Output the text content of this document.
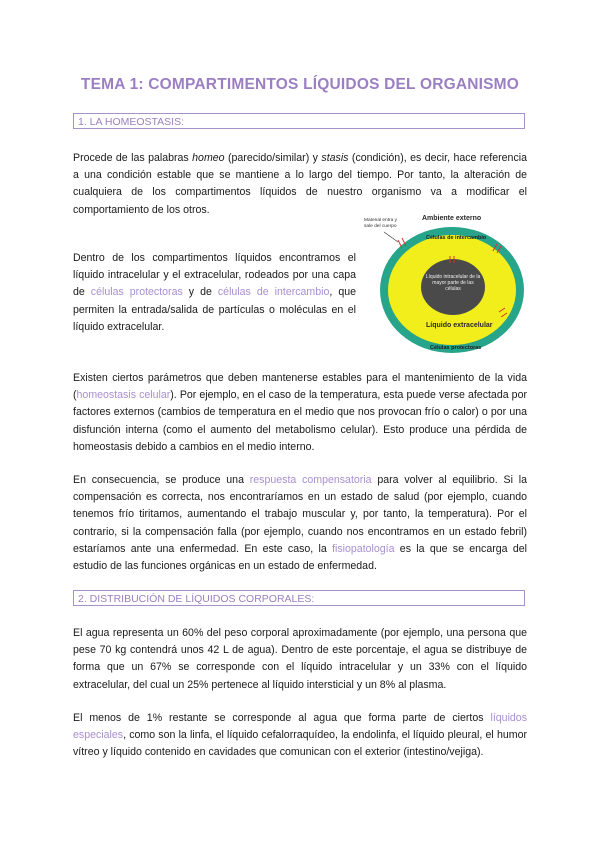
TEMA 1: COMPARTIMENTOS LÍQUIDOS DEL ORGANISMO
1. LA HOMEOSTASIS:
Procede de las palabras homeo (parecido/similar) y stasis (condición), es decir, hace referencia a una condición estable que se mantiene a lo largo del tiempo. Por tanto, la alteración de cualquiera de los compartimentos líquidos de nuestro organismo va a modificar el comportamiento de los otros.
Dentro de los compartimentos líquidos encontramos el líquido intracelular y el extracelular, rodeados por una capa de células protectoras y de células de intercambio, que permiten la entrada/salida de partículas o moléculas en el líquido extracelular.
Ambiente externo
Material entra y sale del cuerpo
Líquido intracelular de la mayor parte de las células
Líquido extracelular
Células de intercambio
Células protectoras
Existen ciertos parámetros que deben mantenerse estables para el mantenimiento de la vida (homeostasis celular). Por ejemplo, en el caso de la temperatura, esta puede verse afectada por factores externos (cambios de temperatura en el medio que nos provocan frío o calor) o por una disfunción interna (como el aumento del metabolismo celular). Esto produce una pérdida de homeostasis debido a cambios en el medio interno.
En consecuencia, se produce una respuesta compensatoria para volver al equilibrio. Si la compensación es correcta, nos encontraríamos en un estado de salud (por ejemplo, cuando tenemos frío tiritamos, aumentando el trabajo muscular y, por tanto, la temperatura). Por el contrario, si la compensación falla (por ejemplo, cuando nos encontramos en un estado febril) estaríamos ante una enfermedad. En este caso, la fisiopatología es la que se encarga del estudio de las funciones orgánicas en un estado de enfermedad.
2. DISTRIBUCIÓN DE LÍQUIDOS CORPORALES:
El agua representa un 60% del peso corporal aproximadamente (por ejemplo, una persona que pese 70 kg contendrá unos 42 L de agua). Dentro de este porcentaje, el agua se distribuye de forma que un 67% se corresponde con el líquido intracelular y un 33% con el líquido extracelular, del cual un 25% pertenece al líquido intersticial y un 8% al plasma.
El menos de 1% restante se corresponde al agua que forma parte de ciertos líquidos especiales, como son la linfa, el líquido cefalorraquídeo, la endolinfa, el líquido pleural, el humor vítreo y líquido contenido en cavidades que comunican con el exterior (intestino/vejiga).
